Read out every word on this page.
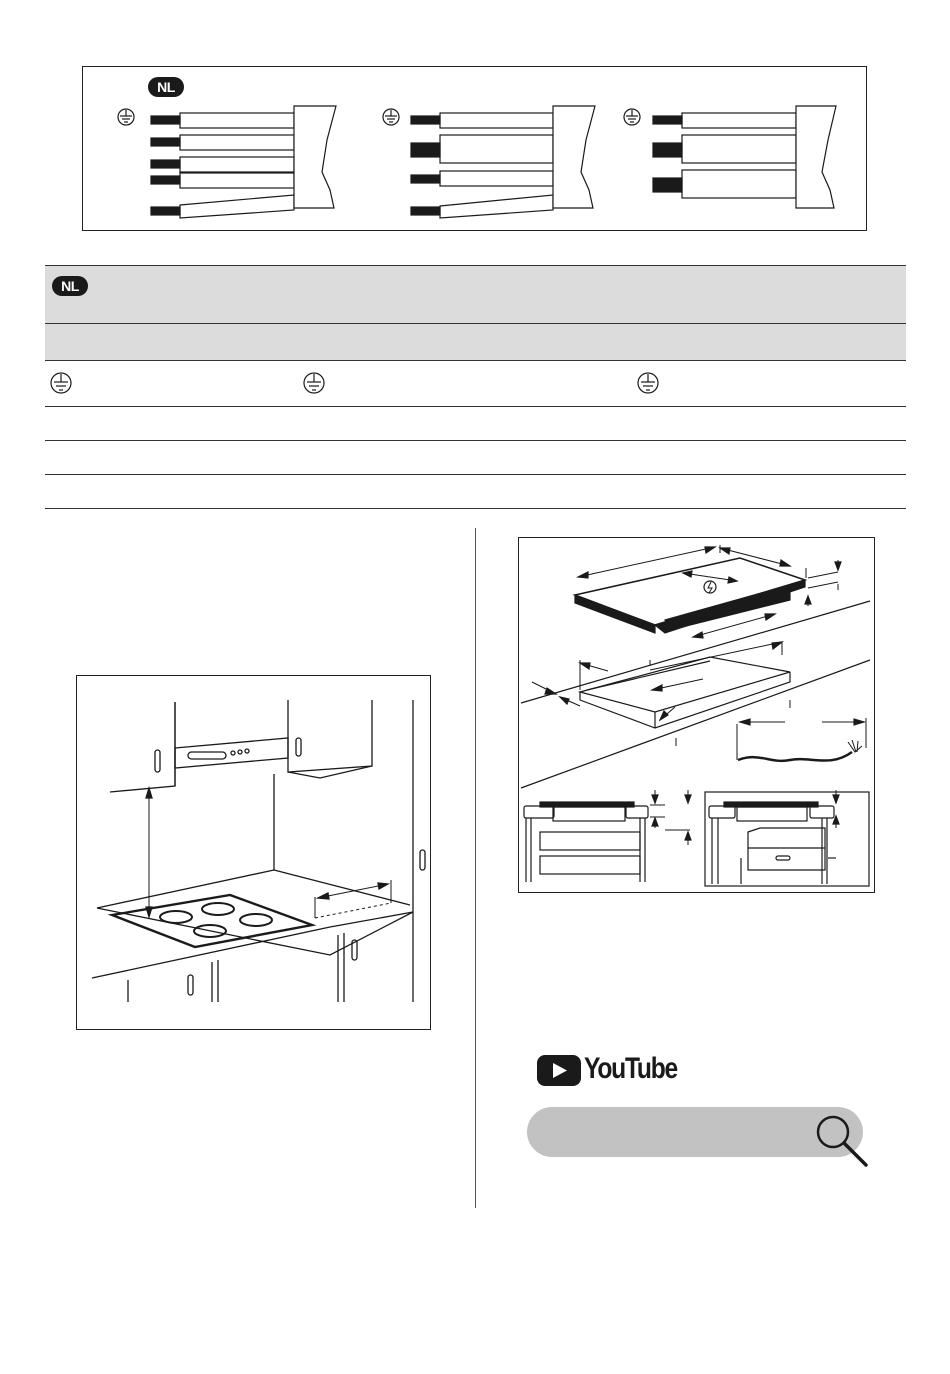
NL
NL
YouTube
